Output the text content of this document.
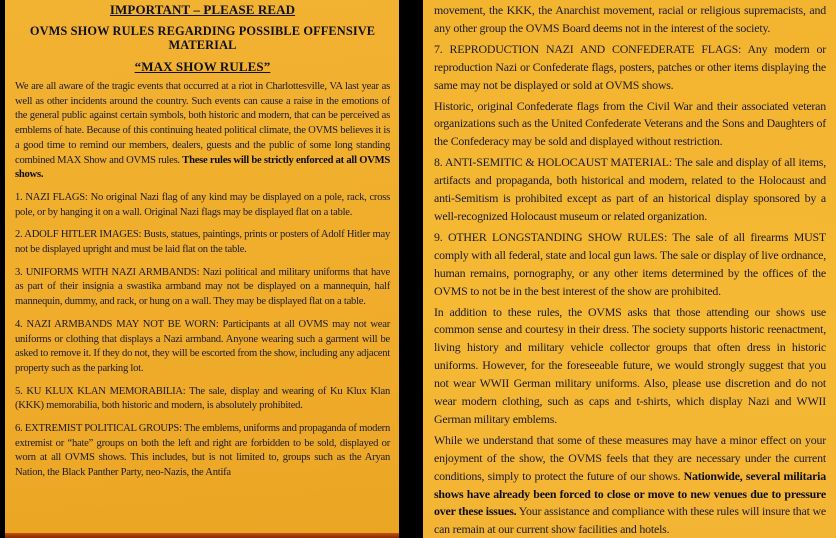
IMPORTANT – PLEASE READ
OVMS SHOW RULES REGARDING POSSIBLE OFFENSIVE MATERIAL
“MAX SHOW RULES”

We are all aware of the tragic events that occurred at a riot in Charlottesville, VA last year as well as other incidents around the country. Such events can cause a raise in the emotions of the general public against certain symbols, both historic and modern, that can be perceived as emblems of hate. Because of this continuing heated political climate, the OVMS believes it is a good time to remind our members, dealers, guests and the public of some long standing combined MAX Show and OVMS rules. These rules will be strictly enforced at all OVMS shows.

1. NAZI FLAGS: No original Nazi flag of any kind may be displayed on a pole, rack, cross pole, or by hanging it on a wall. Original Nazi flags may be displayed flat on a table.

2. ADOLF HITLER IMAGES: Busts, statues, paintings, prints or posters of Adolf Hitler may not be displayed upright and must be laid flat on the table.

3. UNIFORMS WITH NAZI ARMBANDS: Nazi political and military uniforms that have as part of their insignia a swastika armband may not be displayed on a mannequin, half mannequin, dummy, and rack, or hung on a wall. They may be displayed flat on a table.

4. NAZI ARMBANDS MAY NOT BE WORN: Participants at all OVMS may not wear uniforms or clothing that displays a Nazi armband. Anyone wearing such a garment will be asked to remove it. If they do not, they will be escorted from the show, including any adjacent property such as the parking lot.

5. KU KLUX KLAN MEMORABILIA: The sale, display and wearing of Ku Klux Klan (KKK) memorabilia, both historic and modern, is absolutely prohibited.

6. EXTREMIST POLITICAL GROUPS: The emblems, uniforms and propaganda of modern extremist or “hate” groups on both the left and right are forbidden to be sold, displayed or worn at all OVMS shows. This includes, but is not limited to, groups such as the Aryan Nation, the Black Panther Party, neo-Nazis, the Antifa

movement, the KKK, the Anarchist movement, racial or religious supremacists, and any other group the OVMS Board deems not in the interest of the society.

7. REPRODUCTION NAZI AND CONFEDERATE FLAGS: Any modern or reproduction Nazi or Confederate flags, posters, patches or other items displaying the same may not be displayed or sold at OVMS shows.

Historic, original Confederate flags from the Civil War and their associated veteran organizations such as the United Confederate Veterans and the Sons and Daughters of the Confederacy may be sold and displayed without restriction.

8. ANTI-SEMITIC & HOLOCAUST MATERIAL: The sale and display of all items, artifacts and propaganda, both historical and modern, related to the Holocaust and anti-Semitism is prohibited except as part of an historical display sponsored by a well-recognized Holocaust museum or related organization.

9. OTHER LONGSTANDING SHOW RULES: The sale of all firearms MUST comply with all federal, state and local gun laws. The sale or display of live ordnance, human remains, pornography, or any other items determined by the offices of the OVMS to not be in the best interest of the show are prohibited.

In addition to these rules, the OVMS asks that those attending our shows use common sense and courtesy in their dress. The society supports historic reenactment, living history and military vehicle collector groups that often dress in historic uniforms. However, for the foreseeable future, we would strongly suggest that you not wear WWII German military uniforms. Also, please use discretion and do not wear modern clothing, such as caps and t-shirts, which display Nazi and WWII German military emblems.

While we understand that some of these measures may have a minor effect on your enjoyment of the show, the OVMS feels that they are necessary under the current conditions, simply to protect the future of our shows. Nationwide, several militaria shows have already been forced to close or move to new venues due to pressure over these issues. Your assistance and compliance with these rules will insure that we can remain at our current show facilities and hotels.
